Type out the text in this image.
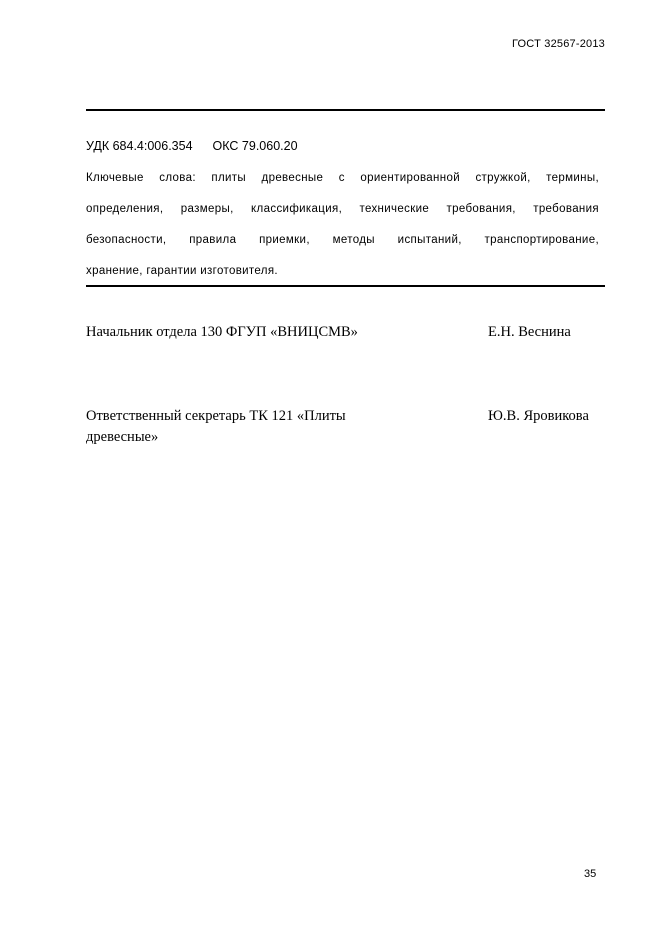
ГОСТ 32567-2013
УДК 684.4:006.354 ОКС 79.060.20
Ключевые слова: плиты древесные с ориентированной стружкой, термины,
определения, размеры, классификация, технические требования, требования
безопасности, правила приемки, методы испытаний, транспортирование,
хранение, гарантии изготовителя.
Начальник отдела 130 ФГУП «ВНИЦСМВ»	Е.Н. Веснина
Ответственный секретарь ТК 121 «Плиты древесные»
Ю.В. Яровикова
35
